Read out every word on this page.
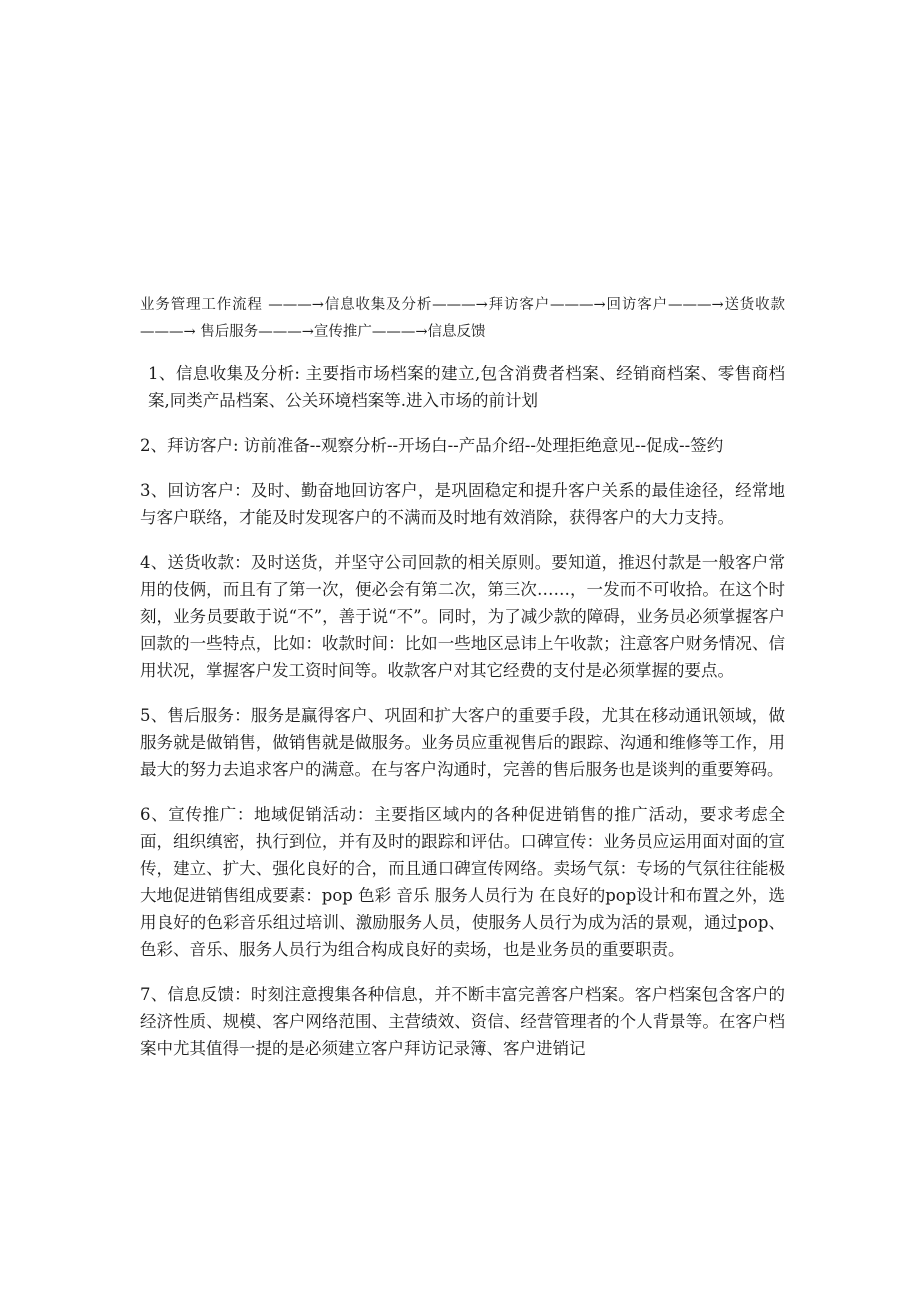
业务管理工作流程 ———→信息收集及分析———→拜访客户———→回访客户———→送货收款———→ 售后服务———→宣传推广———→信息反馈

1、信息收集及分析: 主要指市场档案的建立,包含消费者档案、经销商档案、零售商档案,同类产品档案、公关环境档案等.进入市场的前计划

2、拜访客户: 访前准备--观察分析--开场白--产品介绍--处理拒绝意见--促成--签约

3、回访客户：及时、勤奋地回访客户，是巩固稳定和提升客户关系的最佳途径，经常地与客户联络，才能及时发现客户的不满而及时地有效消除，获得客户的大力支持。

4、送货收款：及时送货，并坚守公司回款的相关原则。要知道，推迟付款是一般客户常用的伎俩，而且有了第一次，便必会有第二次，第三次……，一发而不可收拾。在这个时刻，业务员要敢于说“不”，善于说“不”。同时，为了减少款的障碍，业务员必须掌握客户回款的一些特点，比如：收款时间：比如一些地区忌讳上午收款；注意客户财务情况、信用状况，掌握客户发工资时间等。收款客户对其它经费的支付是必须掌握的要点。

5、售后服务：服务是赢得客户、巩固和扩大客户的重要手段，尤其在移动通讯领域，做服务就是做销售，做销售就是做服务。业务员应重视售后的跟踪、沟通和维修等工作，用最大的努力去追求客户的满意。在与客户沟通时，完善的售后服务也是谈判的重要筹码。

6、宣传推广：地域促销活动：主要指区域内的各种促进销售的推广活动，要求考虑全面，组织缜密，执行到位，并有及时的跟踪和评估。口碑宣传：业务员应运用面对面的宣传，建立、扩大、强化良好的合，而且通口碑宣传网络。卖场气氛：专场的气氛往往能极大地促进销售组成要素：pop 色彩 音乐 服务人员行为 在良好的pop设计和布置之外，选用良好的色彩音乐组过培训、激励服务人员，使服务人员行为成为活的景观，通过pop、色彩、音乐、服务人员行为组合构成良好的卖场，也是业务员的重要职责。

7、信息反馈：时刻注意搜集各种信息，并不断丰富完善客户档案。客户档案包含客户的经济性质、规模、客户网络范围、主营绩效、资信、经营管理者的个人背景等。在客户档案中尤其值得一提的是必须建立客户拜访记录簿、客户进销记
